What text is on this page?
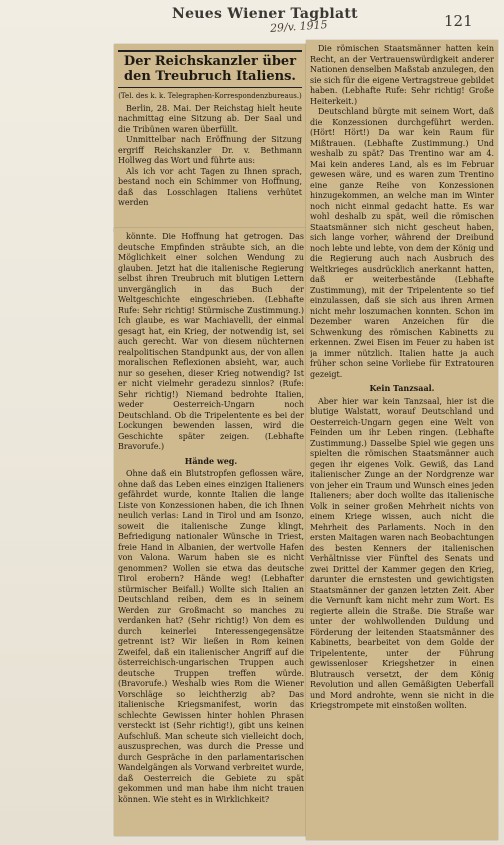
Neues Wiener Tagblatt
29/v. 1915	121
Der Reichskanzler über den Treubruch Italiens.
(Tel. des k. k. Telegraphen-Korrespondenzbureaus.)

Berlin, 28. Mai. Der Reichstag hielt heute nachmittag eine Sitzung ab. Der Saal und die Tribünen waren überfüllt.

Unmittelbar nach Eröffnung der Sitzung ergriff Reichskanzler Dr. v. Bethmann Hollweg das Wort und führte aus:

Als ich vor acht Tagen zu Ihnen sprach, bestand noch ein Schimmer von Hoffnung, daß das Losschlagen Italiens verhütet werden

könnte. Die Hoffnung hat getrogen. Das deutsche Empfinden sträubte sich, an die Möglichkeit einer solchen Wendung zu glauben. Jetzt hat die italienische Regierung selbst ihren Treubruch mit blutigen Lettern unvergänglich in das Buch der Weltgeschichte eingeschrieben. (Lebhafte Rufe: Sehr richtig! Stürmische Zustimmung.) Ich glaube, es war Machiavelli, der einmal gesagt hat, ein Krieg, der notwendig ist, sei auch gerecht. War von diesem nüchternen realpolitischen Standpunkt aus, der von allen moralischen Reflexionen absieht, war, auch nur so gesehen, dieser Krieg notwendig? Ist er nicht vielmehr geradezu sinnlos? (Rufe: Sehr richtig!) Niemand bedrohte Italien, weder Oesterreich-Ungarn noch Deutschland. Ob die Tripelentente es bei der Lockungen bewenden lassen, wird die Geschichte später zeigen. (Lebhafte Bravorufe.)

Hände weg.

Ohne daß ein Blutstropfen geflossen wäre, ohne daß das Leben eines einzigen Italieners gefährdet wurde, konnte Italien die lange Liste von Konzessionen haben, die ich Ihnen neulich verlas: Land in Tirol und am Isonzo, soweit die italienische Zunge klingt, Befriedigung nationaler Wünsche in Triest, freie Hand in Albanien, der wertvolle Hafen von Valona. Warum haben sie es nicht genommen? Wollen sie etwa das deutsche Tirol erobern? Hände weg! (Lebhafter stürmischer Beifall.) Wollte sich Italien an Deutschland reiben, dem es in seinem Werden zur Großmacht so manches zu verdanken hat? (Sehr richtig!) Von dem es durch keinerlei Interessengegensätze getrennt ist? Wir ließen in Rom keinen Zweifel, daß ein italienischer Angriff auf die österreichisch-ungarischen Truppen auch deutsche Truppen treffen würde. (Bravorufe.) Weshalb wies Rom die Wiener Vorschläge so leichtherzig ab? Das italienische Kriegsmanifest, worin das schlechte Gewissen hinter hohlen Phrasen versteckt ist (Sehr richtig!), gibt uns keinen Aufschluß. Man scheute sich vielleicht doch, auszusprechen, was durch die Presse und durch Gespräche in den parlamentarischen Wandelgängen als Vorwand verbreitet wurde, daß Oesterreich die Gebiete zu spät gekommen und man habe ihm nicht trauen können. Wie steht es in Wirklichkeit?

Die römischen Staatsmänner hatten kein Recht, an der Vertrauenswürdigkeit anderer Nationen denselben Maßstab anzulegen, den sie sich für die eigene Vertragstreue gebildet haben. (Lebhafte Rufe: Sehr richtig! Große Heiterkeit.)

Deutschland bürgte mit seinem Wort, daß die Konzessionen durchgeführt werden. (Hört! Hört!) Da war kein Raum für Mißtrauen. (Lebhafte Zustimmung.) Und weshalb zu spät? Das Trentino war am 4. Mai kein anderes Land, als es im Februar gewesen wäre, und es waren zum Trentino eine ganze Reihe von Konzessionen hinzugekommen, an welche man im Winter noch nicht einmal gedacht hatte. Es war wohl deshalb zu spät, weil die römischen Staatsmänner sich nicht gescheut haben, sich lange vorher, während der Dreibund noch lebte und lebte, von dem der König und die Regierung auch nach Ausbruch des Weltkrieges ausdrücklich anerkannt hatten, daß er weiterbestände (Lebhafte Zustimmung), mit der Tripelentente so tief einzulassen, daß sie sich aus ihren Armen nicht mehr loszumachen konnten. Schon im Dezember waren Anzeichen für die Schwenkung des römischen Kabinetts zu erkennen. Zwei Eisen im Feuer zu haben ist ja immer nützlich. Italien hatte ja auch früher schon seine Vorliebe für Extratouren gezeigt.

Kein Tanzsaal.

Aber hier war kein Tanzsaal, hier ist die blutige Walstatt, worauf Deutschland und Oesterreich-Ungarn gegen eine Welt von Feinden um ihr Leben ringen. (Lebhafte Zustimmung.) Dasselbe Spiel wie gegen uns spielten die römischen Staatsmänner auch gegen ihr eigenes Volk. Gewiß, das Land italienischer Zunge an der Nordgrenze war von jeher ein Traum und Wunsch eines jeden Italieners; aber doch wollte das italienische Volk in seiner großen Mehrheit nichts von einem Kriege wissen, auch nicht die Mehrheit des Parlaments. Noch in den ersten Maitagen waren nach Beobachtungen des besten Kenners der italienischen Verhältnisse vier Fünftel des Senats und zwei Drittel der Kammer gegen den Krieg, darunter die ernstesten und gewichtigsten Staatsmänner der ganzen letzten Zeit. Aber die Vernunft kam nicht mehr zum Wort. Es regierte allein die Straße. Die Straße war unter der wohlwollenden Duldung und Förderung der leitenden Staatsmänner des Kabinetts, bearbeitet von dem Golde der Tripelentente, unter der Führung gewissenloser Kriegshetzer in einen Blutrausch versetzt, der dem König Revolution und allen Gemäßigten Ueberfall und Mord androhte, wenn sie nicht in die Kriegstrompete mit einstoßen wollten.
